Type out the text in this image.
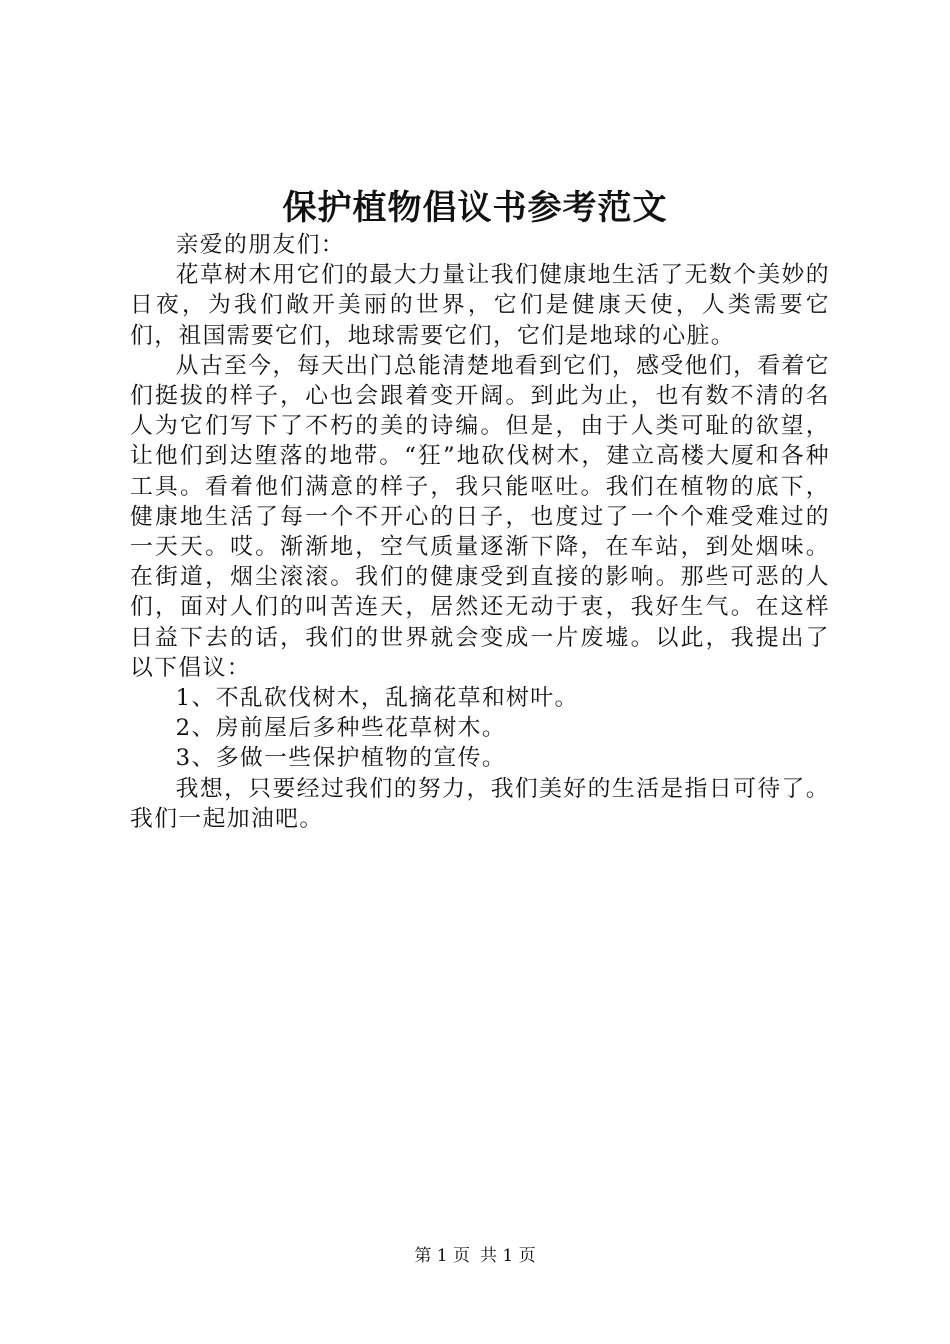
保护植物倡议书参考范文

亲爱的朋友们：

花草树木用它们的最大力量让我们健康地生活了无数个美妙的日夜，为我们敞开美丽的世界，它们是健康天使，人类需要它们，祖国需要它们，地球需要它们，它们是地球的心脏。

从古至今，每天出门总能清楚地看到它们，感受他们，看着它们挺拔的样子，心也会跟着变开阔。到此为止，也有数不清的名人为它们写下了不朽的美的诗编。但是，由于人类可耻的欲望，让他们到达堕落的地带。“狂”地砍伐树木，建立高楼大厦和各种工具。看着他们满意的样子，我只能呕吐。我们在植物的底下，健康地生活了每一个不开心的日子，也度过了一个个难受难过的一天天。哎。渐渐地，空气质量逐渐下降，在车站，到处烟味。在街道，烟尘滚滚。我们的健康受到直接的影响。那些可恶的人们，面对人们的叫苦连天，居然还无动于衷，我好生气。在这样日益下去的话，我们的世界就会变成一片废墟。以此，我提出了以下倡议：

1、不乱砍伐树木，乱摘花草和树叶。

2、房前屋后多种些花草树木。

3、多做一些保护植物的宣传。

我想，只要经过我们的努力，我们美好的生活是指日可待了。我们一起加油吧。

第 1 页 共 1 页
